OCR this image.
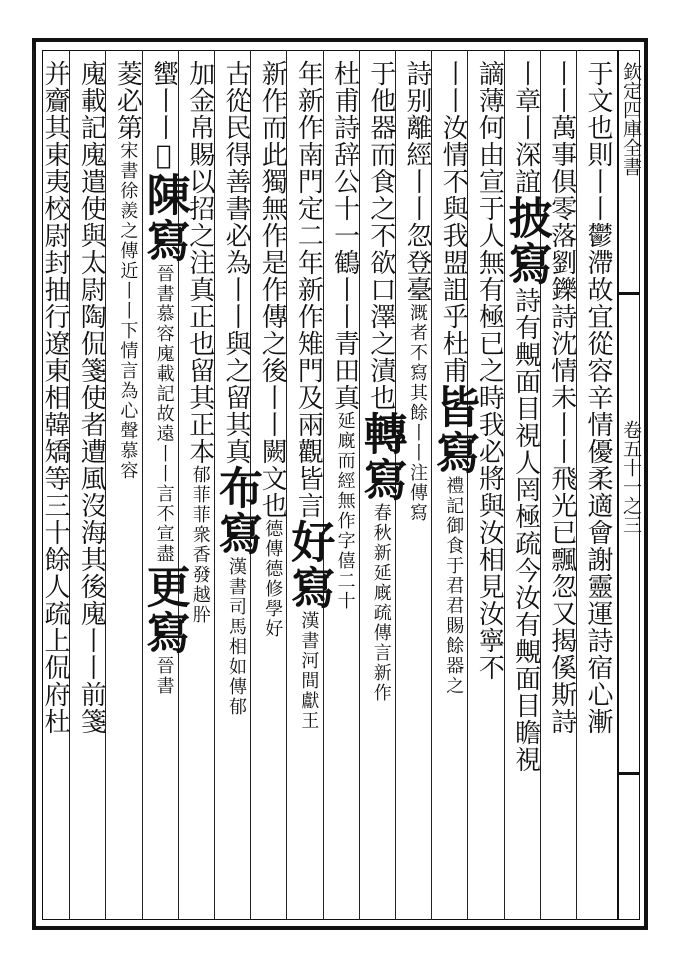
欽定四庫全書
卷五十一之三
于文也則丨丨鬱滯故宜從容辛情優柔適會謝靈運詩宿心漸
丨丨萬事俱零落劉鑠詩沈情未丨丨飛光已飄忽又揭傒斯詩
丨章丨深誼披寫詩有覥面目視人罔極疏今汝有覥面目瞻視
謫薄何由宣于人無有極已之時我必將與汝相見汝寧不
丨丨汝情不與我盟詛乎杜甫皆寫禮記御食于君君賜餘器之
詩别離經丨丨忽登臺溉者不寫其餘丨丨注傳寫
于他器而食之不欲口澤之漬也轉寫春秋新延廐疏傳言新作
杜甫詩辞公十一鶴丨丨青田真延廐而經無作字僖二十
年新作南門定二年新作雉門及兩觀皆言好寫漢書河間獻王
新作而此獨無作是作傳之後丨丨闕文也德傳德修學好
古從民得善書必為丨丨與之留其真布寫漢書司馬相如傳郁
加金帛賜以招之注真正也留其正本郁菲菲衆香發越肸
蠁丨丨𪫱陳寫晉書慕容廆載記故遠丨丨言不宣盡更寫晉書
菱必第宋書徐羨之傳近丨丨下情言為心聲慕容
廆載記廆遣使與太尉陶侃箋使者遭風沒海其後廆丨丨前箋
并齎其東夷校尉封抽行遼東相韓矯等三十餘人疏上侃府杜
